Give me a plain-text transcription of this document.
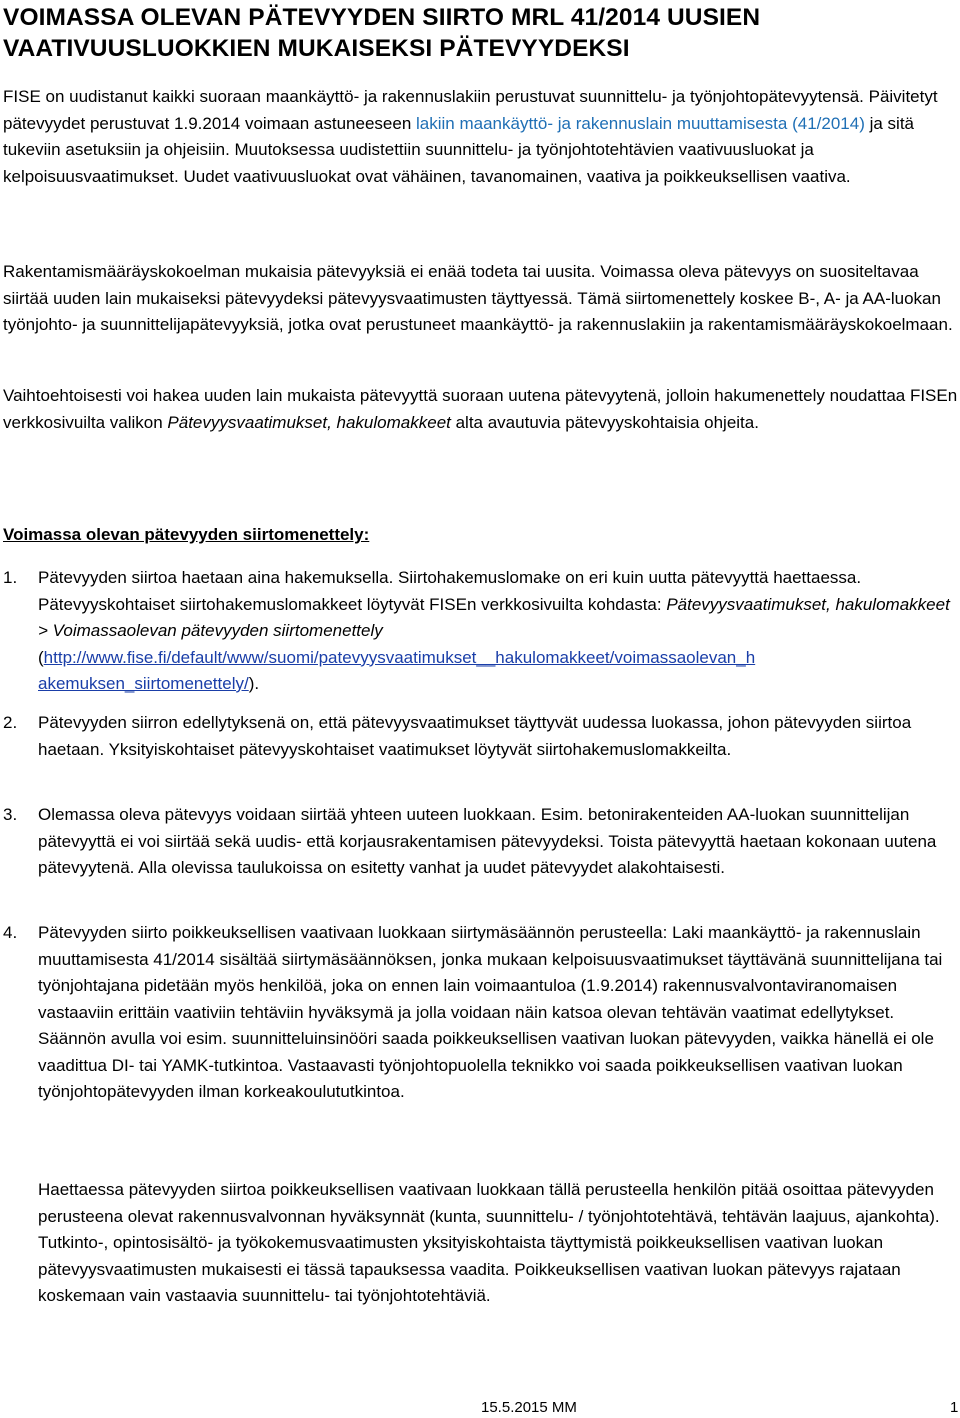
VOIMASSA OLEVAN PÄTEVYYDEN SIIRTO MRL 41/2014 UUSIEN
VAATIVUUSLUOKKIEN MUKAISEKSI PÄTEVYYDEKSI

FISE on uudistanut kaikki suoraan maankäyttö- ja rakennuslakiin perustuvat suunnittelu- ja työnjohtopätevyytensä. Päivitetyt pätevyydet perustuvat 1.9.2014 voimaan astuneeseen lakiin maankäyttö- ja rakennuslain muuttamisesta (41/2014) ja sitä tukeviin asetuksiin ja ohjeisiin. Muutoksessa uudistettiin suunnittelu- ja työnjohtotehtävien vaativuusluokat ja kelpoisuusvaatimukset. Uudet vaativuusluokat ovat vähäinen, tavanomainen, vaativa ja poikkeuksellisen vaativa.

Rakentamismääräyskokoelman mukaisia pätevyyksiä ei enää todeta tai uusita. Voimassa oleva pätevyys on suositeltavaa siirtää uuden lain mukaiseksi pätevyydeksi pätevyysvaatimusten täyttyessä. Tämä siirtomenettely koskee B-, A- ja AA-luokan työnjohto- ja suunnittelijapätevyyksiä, jotka ovat perustuneet maankäyttö- ja rakennuslakiin ja rakentamismääräyskokoelmaan.

Vaihtoehtoisesti voi hakea uuden lain mukaista pätevyyttä suoraan uutena pätevyytenä, jolloin hakumenettely noudattaa FISEn verkkosivuilta valikon Pätevyysvaatimukset, hakulomakkeet alta avautuvia pätevyyskohtaisia ohjeita.

Voimassa olevan pätevyyden siirtomenettely:
1.	Pätevyyden siirtoa haetaan aina hakemuksella. Siirtohakemuslomake on eri kuin uutta pätevyyttä haettaessa. Pätevyyskohtaiset siirtohakemuslomakkeet löytyvät FISEn verkkosivuilta kohdasta: Pätevyysvaatimukset, hakulomakkeet > Voimassaolevan pätevyyden siirtomenettely
(http://www.fise.fi/default/www/suomi/patevyysvaatimukset__hakulomakkeet/voimassaolevan_h
akemuksen_siirtomenettely/).

2.	Pätevyyden siirron edellytyksenä on, että pätevyysvaatimukset täyttyvät uudessa luokassa, johon pätevyyden siirtoa haetaan. Yksityiskohtaiset pätevyyskohtaiset vaatimukset löytyvät siirtohakemuslomakkeilta.

3.	Olemassa oleva pätevyys voidaan siirtää yhteen uuteen luokkaan. Esim. betonirakenteiden AA-luokan suunnittelijan pätevyyttä ei voi siirtää sekä uudis- että korjausrakentamisen pätevyydeksi. Toista pätevyyttä haetaan kokonaan uutena pätevyytenä. Alla olevissa taulukoissa on esitetty vanhat ja uudet pätevyydet alakohtaisesti.

4.	Pätevyyden siirto poikkeuksellisen vaativaan luokkaan siirtymäsäännön perusteella: Laki maankäyttö- ja rakennuslain muuttamisesta 41/2014 sisältää siirtymäsäännöksen, jonka mukaan kelpoisuusvaatimukset täyttävänä suunnittelijana tai työnjohtajana pidetään myös henkilöä, joka on ennen lain voimaantuloa (1.9.2014) rakennusvalvontaviranomaisen vastaaviin erittäin vaativiin tehtäviin hyväksymä ja jolla voidaan näin katsoa olevan tehtävän vaatimat edellytykset. Säännön avulla voi esim. suunnitteluinsinööri saada poikkeuksellisen vaativan luokan pätevyyden, vaikka hänellä ei ole vaadittua DI- tai YAMK-tutkintoa. Vastaavasti työnjohtopuolella teknikko voi saada poikkeuksellisen vaativan luokan työnjohtopätevyyden ilman korkeakoulututkintoa.

Haettaessa pätevyyden siirtoa poikkeuksellisen vaativaan luokkaan tällä perusteella henkilön pitää osoittaa pätevyyden perusteena olevat rakennusvalvonnan hyväksynnät (kunta, suunnittelu- / työnjohtotehtävä, tehtävän laajuus, ajankohta). Tutkinto-, opintosisältö- ja työkokemusvaatimusten yksityiskohtaista täyttymistä poikkeuksellisen vaativan luokan pätevyysvaatimusten mukaisesti ei tässä tapauksessa vaadita. Poikkeuksellisen vaativan luokan pätevyys rajataan koskemaan vain vastaavia suunnittelu- tai työnjohtotehtäviä.

15.5.2015 MM	1
